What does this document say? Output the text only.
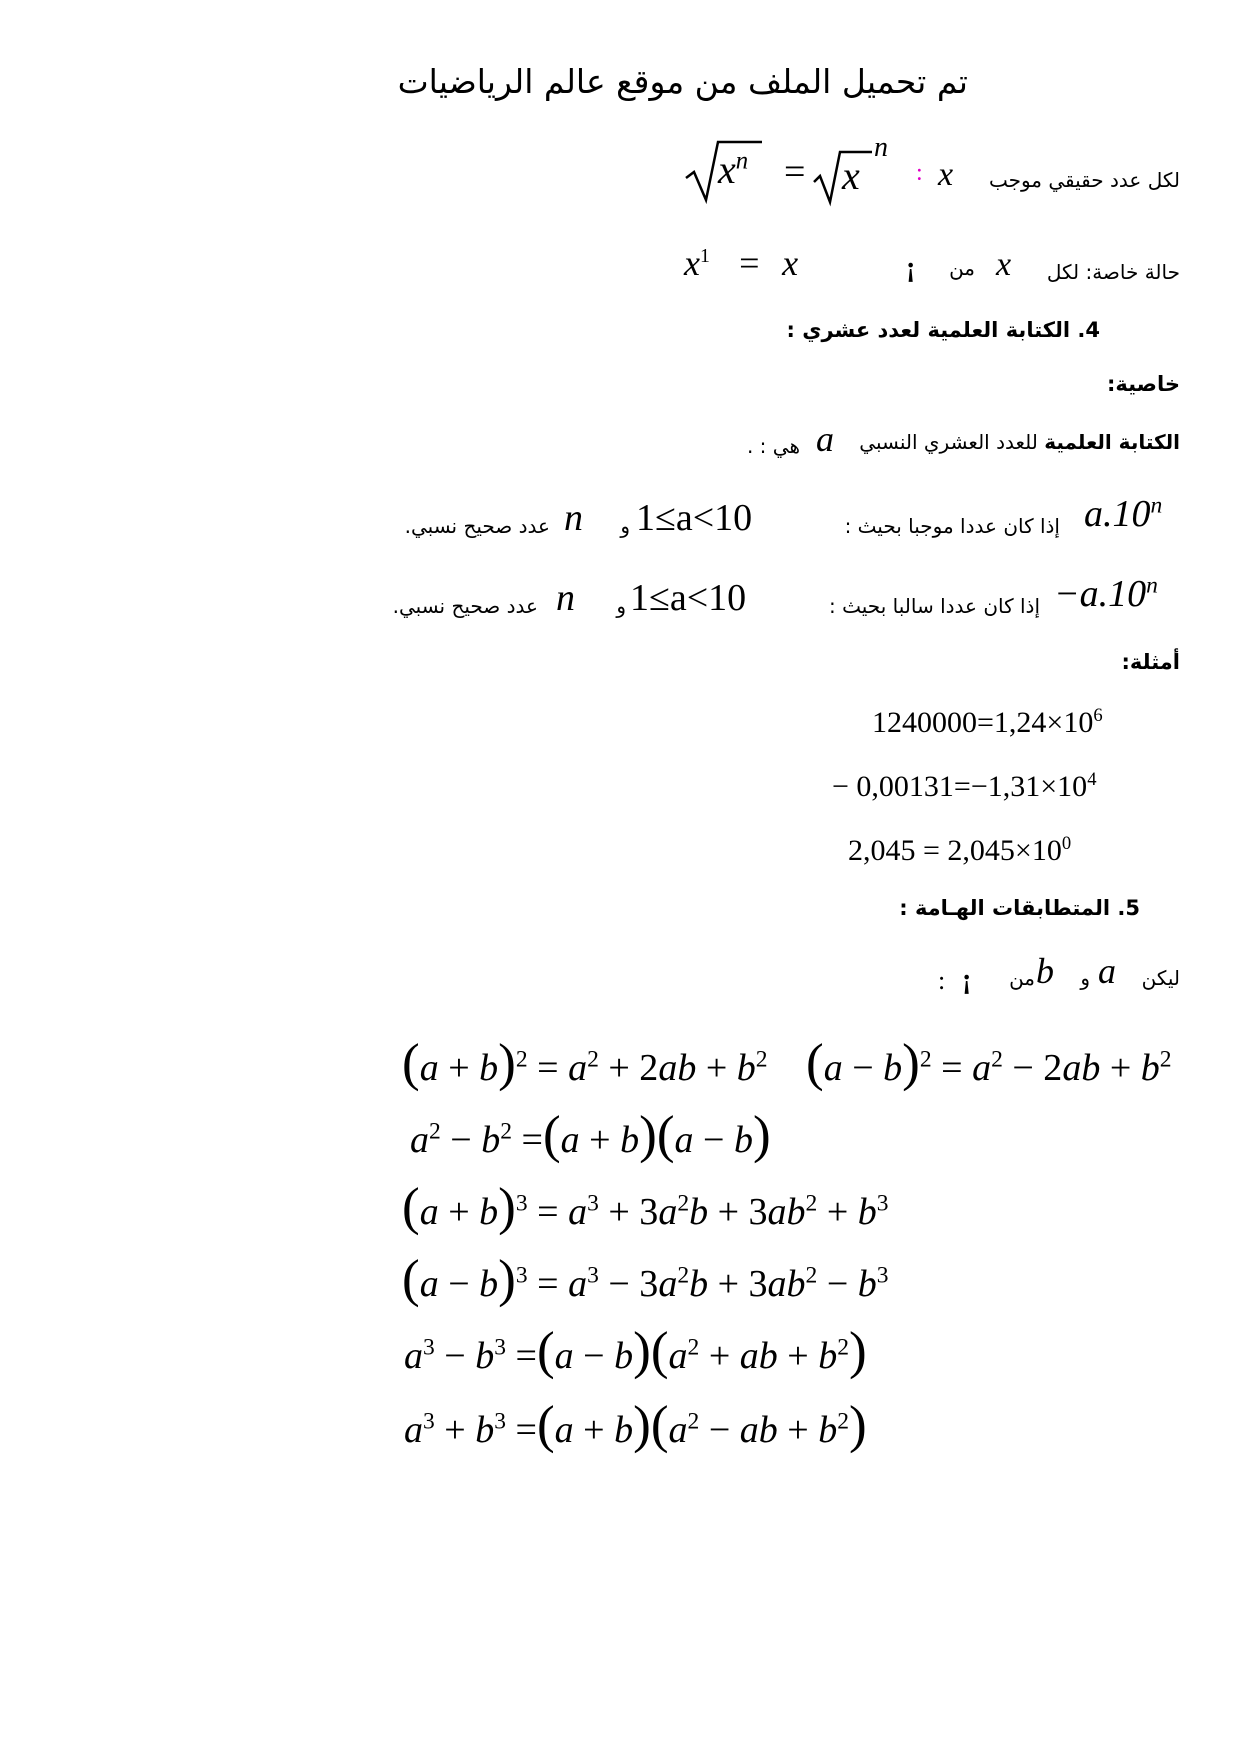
تم تحميل الملف من موقع عالم الرياضيات
لكل عدد حقيقي موجب
x
:
$x^n = x$
n
حالة خاصة: لكل
x
من
¡
$x^1 = x$
4. الكتابة العلمية لعدد عشري :
خاصية:
الكتابة العلمية للعدد العشري النسبي
a
هي : .
a.10$^n$
إذا كان عددا موجبا بحيث :
1≤a<10
و
n
عدد صحيح نسبي.
$-a.10^n$
إذا كان عددا سالبا بحيث :
1≤a<10
و
n
عدد صحيح نسبي.
أمثلة:
$1240000=1,24\times 10^6$
− $0,00131=-1,31\times 10^4$
$2,045 = 2,045\times 10^0$
5. المتطابقات الهـامة :
ليكن
a
و
b
من
¡
:
$(a + b)^2 = a^2 + 2ab + b^2$ $(a - b)^2 = a^2 - 2ab + b^2$
$a^2 - b^2 =(a + b)(a - b)$
$(a + b)^3 = a^3 + 3a^2b + 3ab^2 + b^3$
$(a - b)^3 = a^3 - 3a^2b + 3ab^2 - b^3$
$a^3 - b^3 =(a - b)(a^2$ + ab + $b^2$)
$a^3 + b^3 =(a + b)(a^2$ − ab + $b^2$)
